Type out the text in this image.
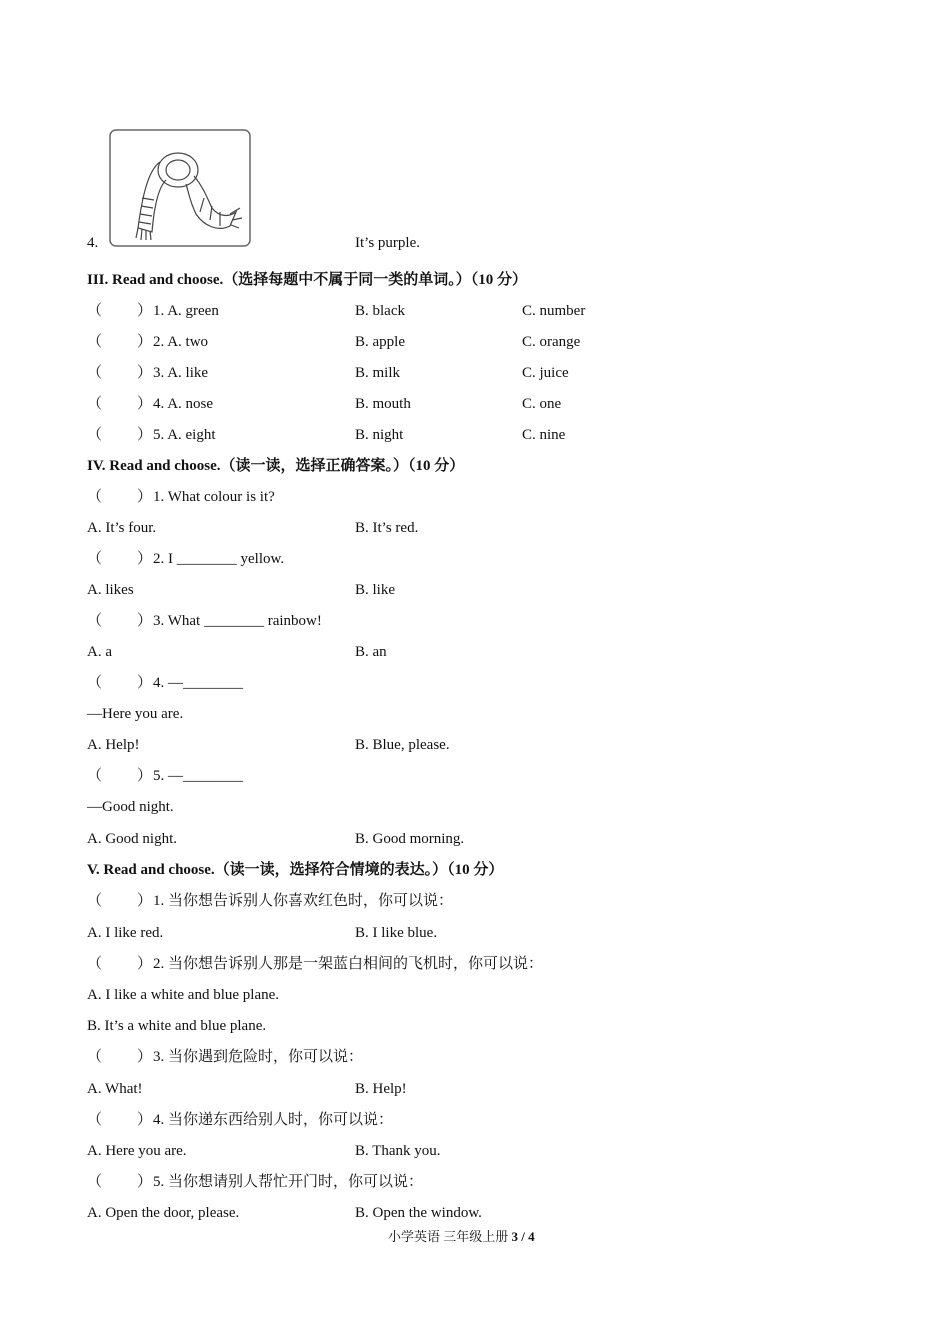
4.	It’s purple.
III. Read and choose.（选择每题中不属于同一类的单词。）（10 分）
（ ）1. A. green	B. black	C. number
（ ）2. A. two	B. apple	C. orange
（ ）3. A. like	B. milk	C. juice
（ ）4. A. nose	B. mouth	C. one
（ ）5. A. eight	B. night	C. nine
IV. Read and choose.（读一读，选择正确答案。）（10 分）
（ ）1. What colour is it?
A. It’s four.	B. It’s red.
（ ）2. I ________ yellow.
A. likes	B. like
（ ）3. What ________ rainbow!
A. a	B. an
（ ）4. —________
—Here you are.
A. Help!	B. Blue, please.
（ ）5. —________
—Good night.
A. Good night.	B. Good morning.
V. Read and choose.（读一读，选择符合情境的表达。）（10 分）
（ ）1. 当你想告诉别人你喜欢红色时，你可以说：
A. I like red.	B. I like blue.
（ ）2. 当你想告诉别人那是一架蓝白相间的飞机时，你可以说：
A. I like a white and blue plane.
B. It’s a white and blue plane.
（ ）3. 当你遇到危险时，你可以说：
A. What!	B. Help!
（ ）4. 当你递东西给别人时，你可以说：
A. Here you are.	B. Thank you.
（ ）5. 当你想请别人帮忙开门时，你可以说：
A. Open the door, please.	B. Open the window.
小学英语 三年级上册 3 / 4
